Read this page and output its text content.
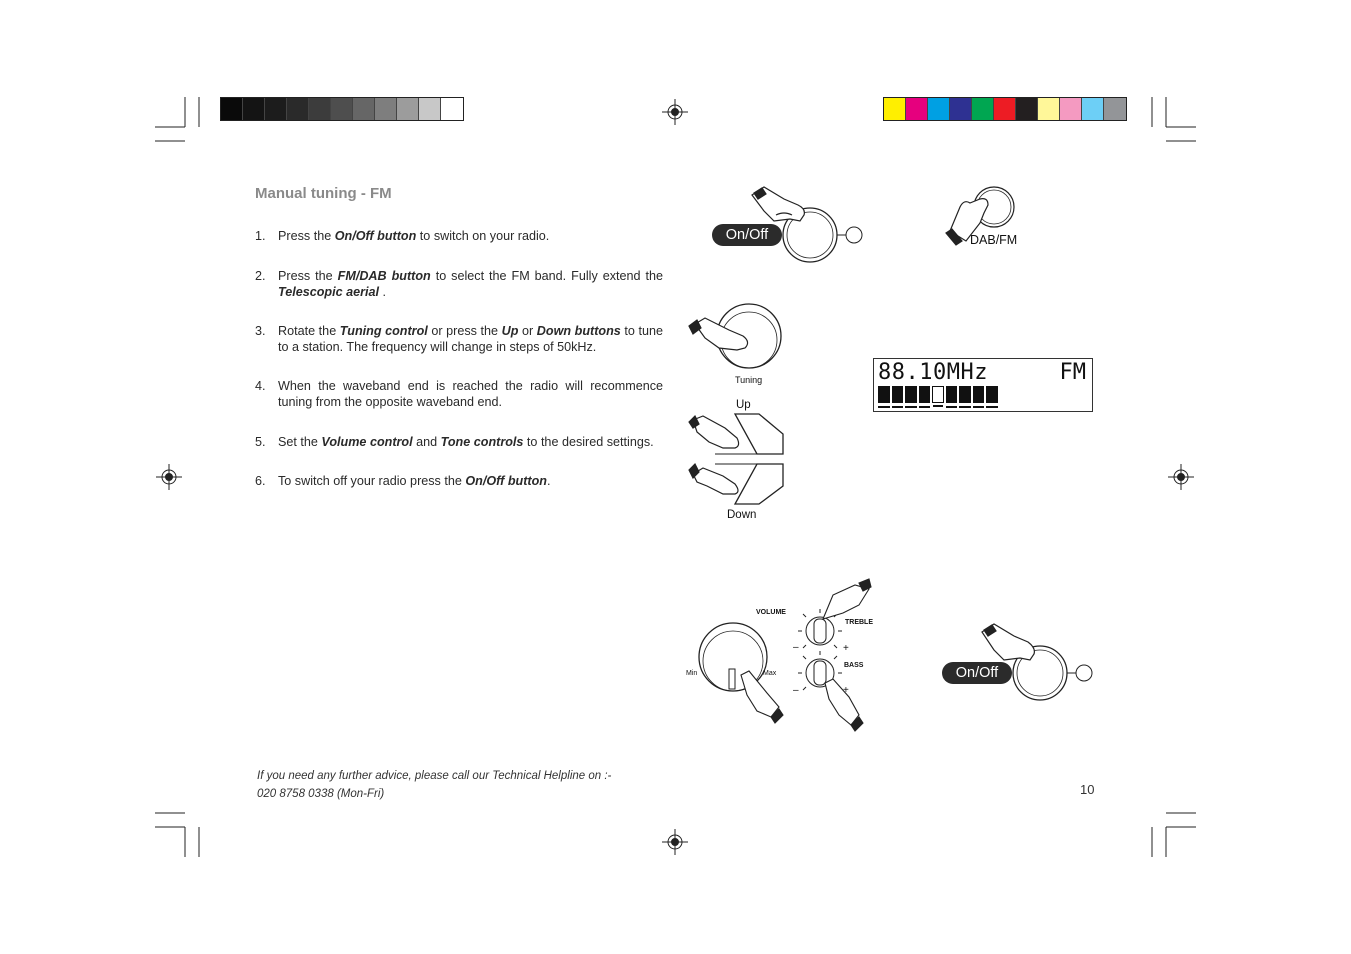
Manual tuning - FM
1. Press the On/Off button to switch on your radio.
2. Press the FM/DAB button to select the FM band. Fully extend the Telescopic aerial .
3. Rotate the Tuning control or press the Up or Down buttons to tune to a station. The frequency will change in steps of 50kHz.
4. When the waveband end is reached the radio will recommence tuning from the opposite waveband end.
5. Set the Volume control and Tone controls to the desired settings.
6. To switch off your radio press the On/Off button.
On/Off	DAB/FM
Tuning
Up
Down
88.10MHz	FM
VOLUME
TREBLE
BASS
Min	Max
+
–
+
–
On/Off
If you need any further advice, please call our Technical Helpline on :-
020 8758 0338 (Mon-Fri)	10
